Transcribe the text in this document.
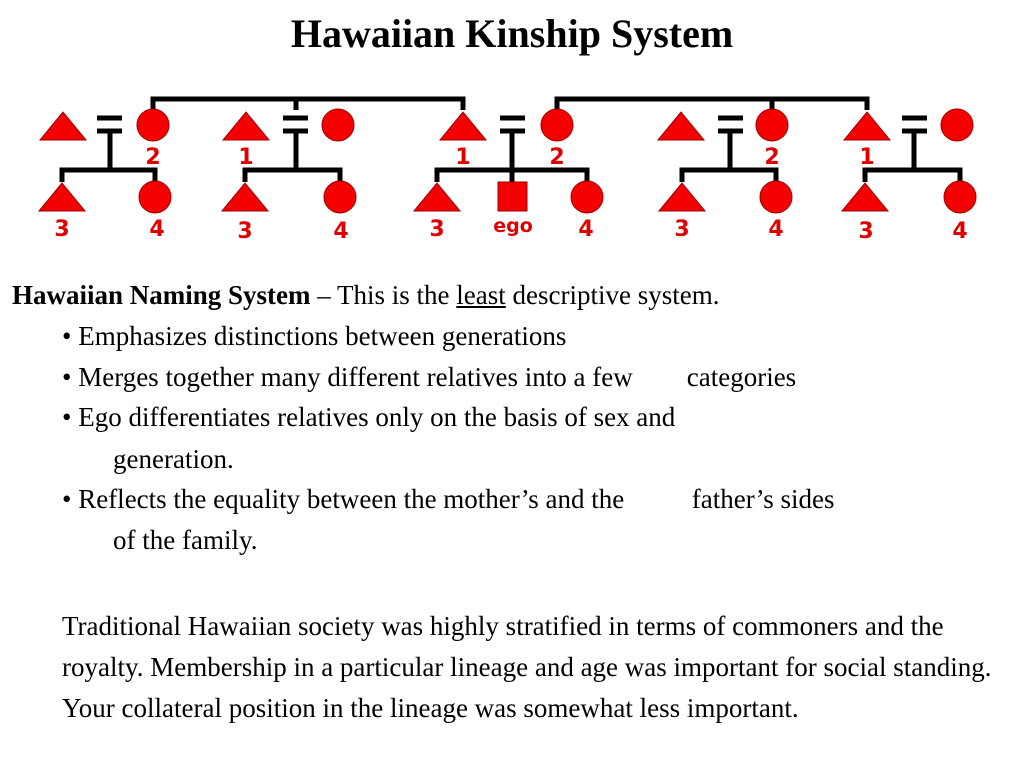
Hawaiian Kinship System
2	1	1	2	2	1
3	4	3	4	3	ego 4	3	4	3	4
Hawaiian Naming System – This is the least descriptive system.
• Emphasizes distinctions between generations
• Merges together many different relatives into a few    categories
• Ego differentiates relatives only on the basis of sex and
generation.
• Reflects the equality between the mother’s and the     father’s sides
of the family.
Traditional Hawaiian society was highly stratified in terms of commoners and the royalty. Membership in a particular lineage and age was important for social standing. Your collateral position in the lineage was somewhat less important.
